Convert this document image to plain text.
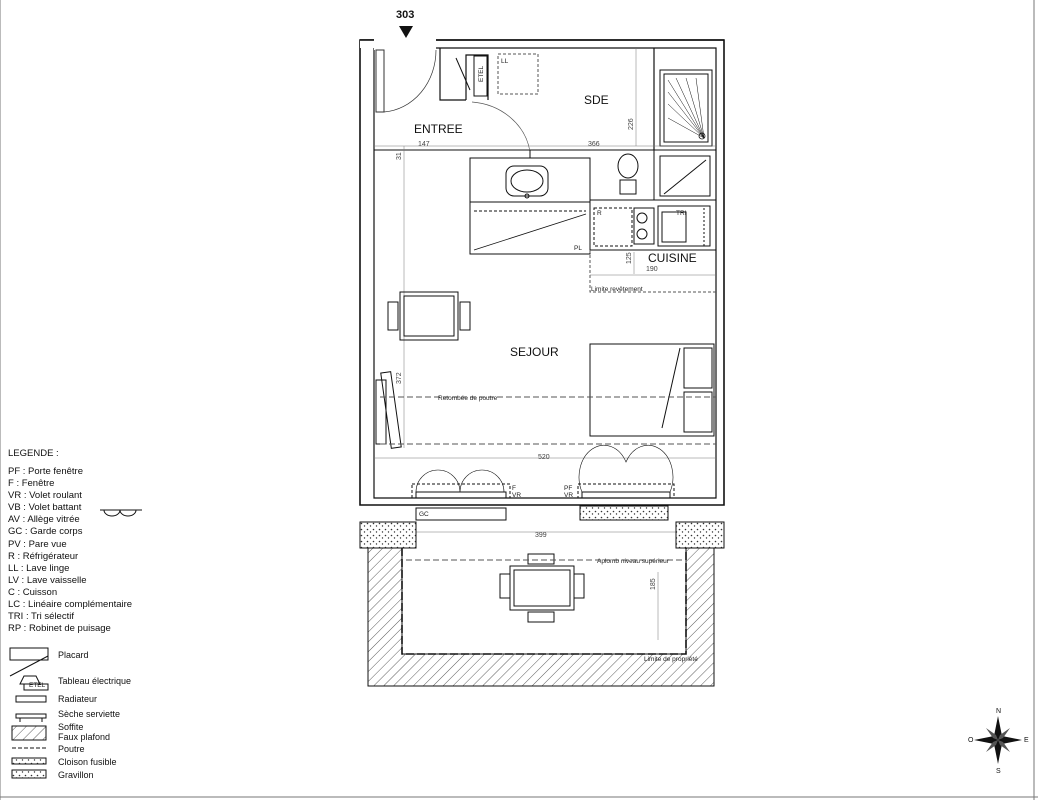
303
ETEL
LL
PL
R	TRI
F
VR
PF
VR
GC
ENTREE
SDE
CUISINE
SEJOUR
147	366
226
31
372
125
190
520
399
185
Limite revêtement
Retombée de poutre
Aplomb niveau supérieur
Limite de propriété
ETEL
N
E
S
O
LEGENDE :
PF : Porte fenêtre
F : Fenêtre
VR : Volet roulant
VB : Volet battant
AV : Allège vitrée
GC : Garde corps
PV : Pare vue
R : Réfrigérateur
LL : Lave linge
LV : Lave vaisselle
C : Cuisson
LC : Linéaire complémentaire
TRI : Tri sélectif
RP : Robinet de puisage
Placard
Tableau électrique
Radiateur
Sèche serviette
Soffite
Faux plafond
Poutre
Cloison fusible
Gravillon
